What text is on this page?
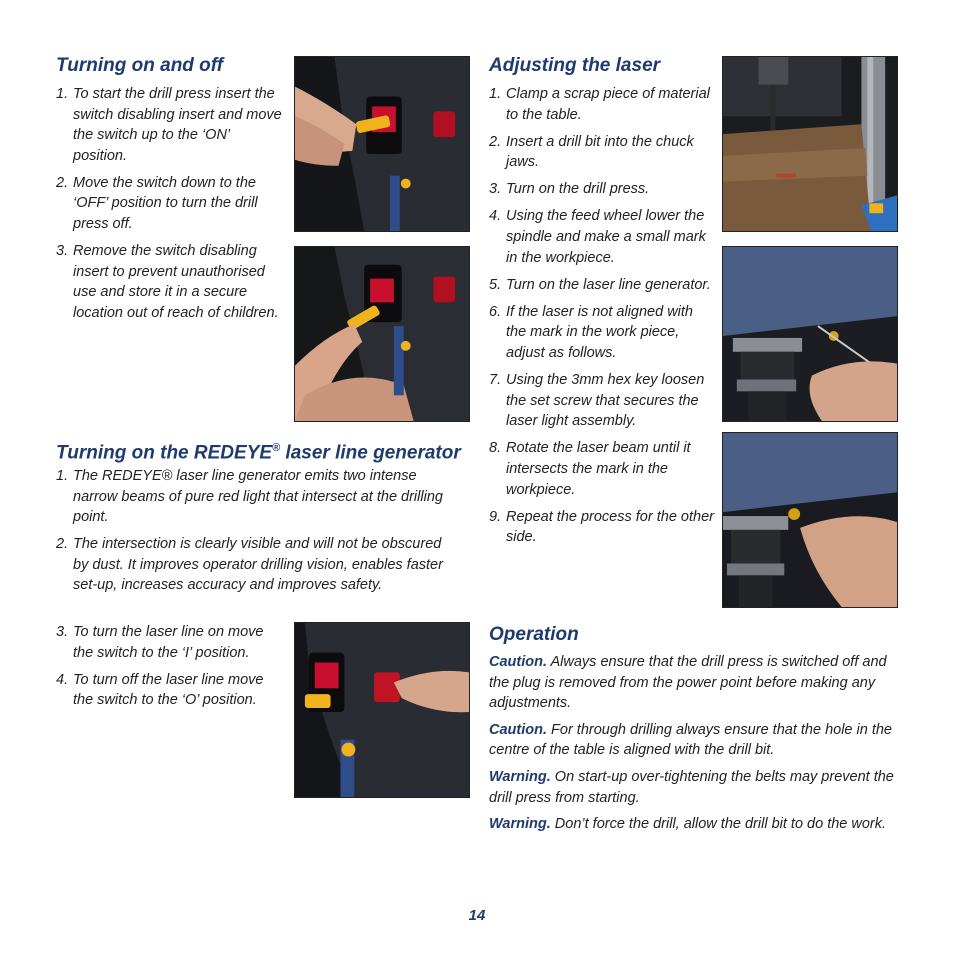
Turning on and off
1. To start the drill press insert the switch disabling insert and move the switch up to the ‘ON’ position.
2. Move the switch down to the ‘OFF’ position to turn the drill press off.
3. Remove the switch disabling insert to prevent unauthorised use and store it in a secure location out of reach of children.
Turning on the REDEYE® laser line generator
1. The REDEYE® laser line generator emits two intense narrow beams of pure red light that intersect at the drilling point.
2. The intersection is clearly visible and will not be obscured by dust. It improves operator drilling vision, enables faster set-up, increases accuracy and improves safety.
3. To turn the laser line on move the switch to the ‘I’ position.
4. To turn off the laser line move the switch to the ‘O’ position.
Adjusting the laser
1. Clamp a scrap piece of material to the table.
2. Insert a drill bit into the chuck jaws.
3. Turn on the drill press.
4. Using the feed wheel lower the spindle and make a small mark in the workpiece.
5. Turn on the laser line generator.
6. If the laser is not aligned with the mark in the work piece, adjust as follows.
7. Using the 3mm hex key loosen the set screw that secures the laser light assembly.
8. Rotate the laser beam until it intersects the mark in the workpiece.
9. Repeat the process for the other side.
Operation

Caution. Always ensure that the drill press is switched off and the plug is removed from the power point before making any adjustments.

Caution. For through drilling always ensure that the hole in the centre of the table is aligned with the drill bit.

Warning. On start-up over-tightening the belts may prevent the drill press from starting.

Warning. Don’t force the drill, allow the drill bit to do the work.

14
